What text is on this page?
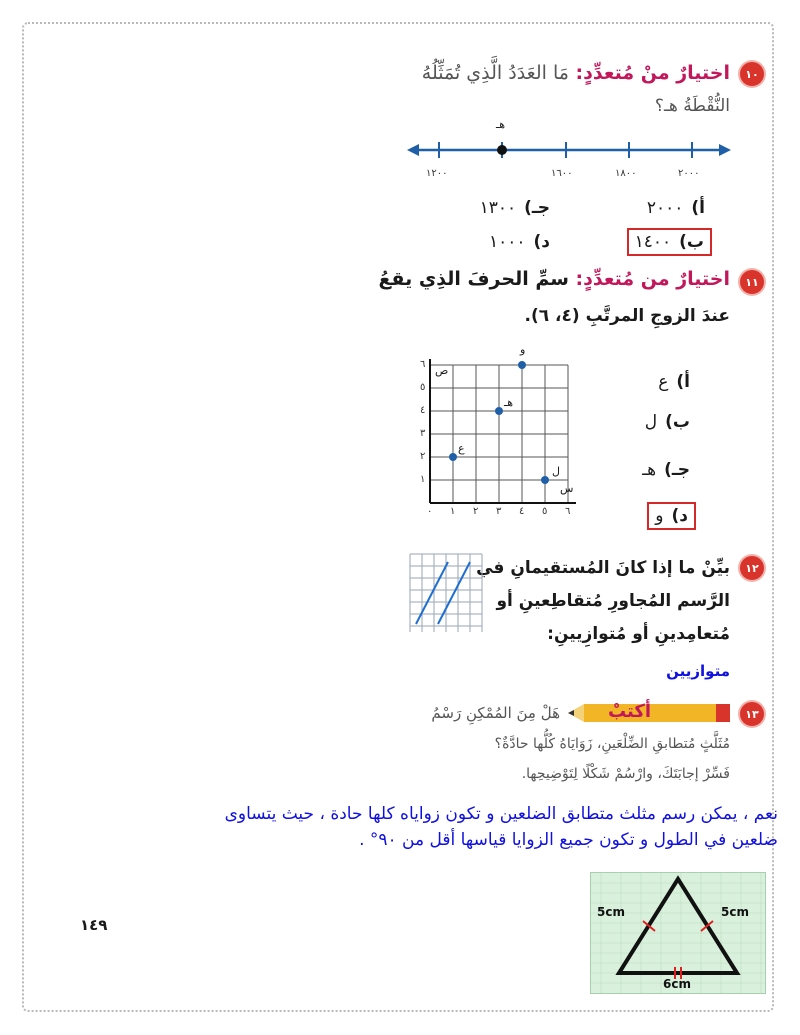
١٠
اختيارٌ منْ مُتعدِّدٍ: مَا العَدَدُ الَّذِي تُمَثِّلُهُ
النُّقْطَةُ هـ؟
هـ
١٢٠٠	١٦٠٠	١٨٠٠	٢٠٠٠
أ)٢٠٠٠
جـ)١٣٠٠
ب)١٤٠٠
د)١٠٠٠
١١
اختيارٌ من مُتعدِّدٍ: سمِّ الحرفَ الذِي يقعُ
عندَ الزوجِ المرتَّبِ (٤، ٦).
ع
هـ
و
ل
س
ص
٠ ١ ٢ ٣ ٤ ٥ ٦
١
٢
٣
٤
٥
٦
أ)ع
ب)ل
جـ)هـ
د)و
١٢
بيِّنْ ما إذا كانَ المُستقيمانِ في
الرَّسم المُجاورِ مُتقاطِعينِ أو
مُتعامِدينِ أو مُتوازِيينِ:
متوازيين
١٣
أكتبْ
هَلْ مِنَ المُمْكِنِ رَسْمُ
مُثَلَّثٍ مُتطابقِ الضِّلْعَينِ، زَوَايَاهُ كُلُّها حادَّةٌ؟
فَسِّرْ إجابَتَكَ، وارْسُمْ شَكْلًا لِتَوْضِيحِها.
نعم ، يمكن رسم مثلث متطابق الضلعين و تكون زواياه كلها حادة ، حيث يتساوى
ضلعين في الطول و تكون جميع الزوايا قياسها أقل من ٩٠° .
5cm	5cm
6cm
١٤٩
